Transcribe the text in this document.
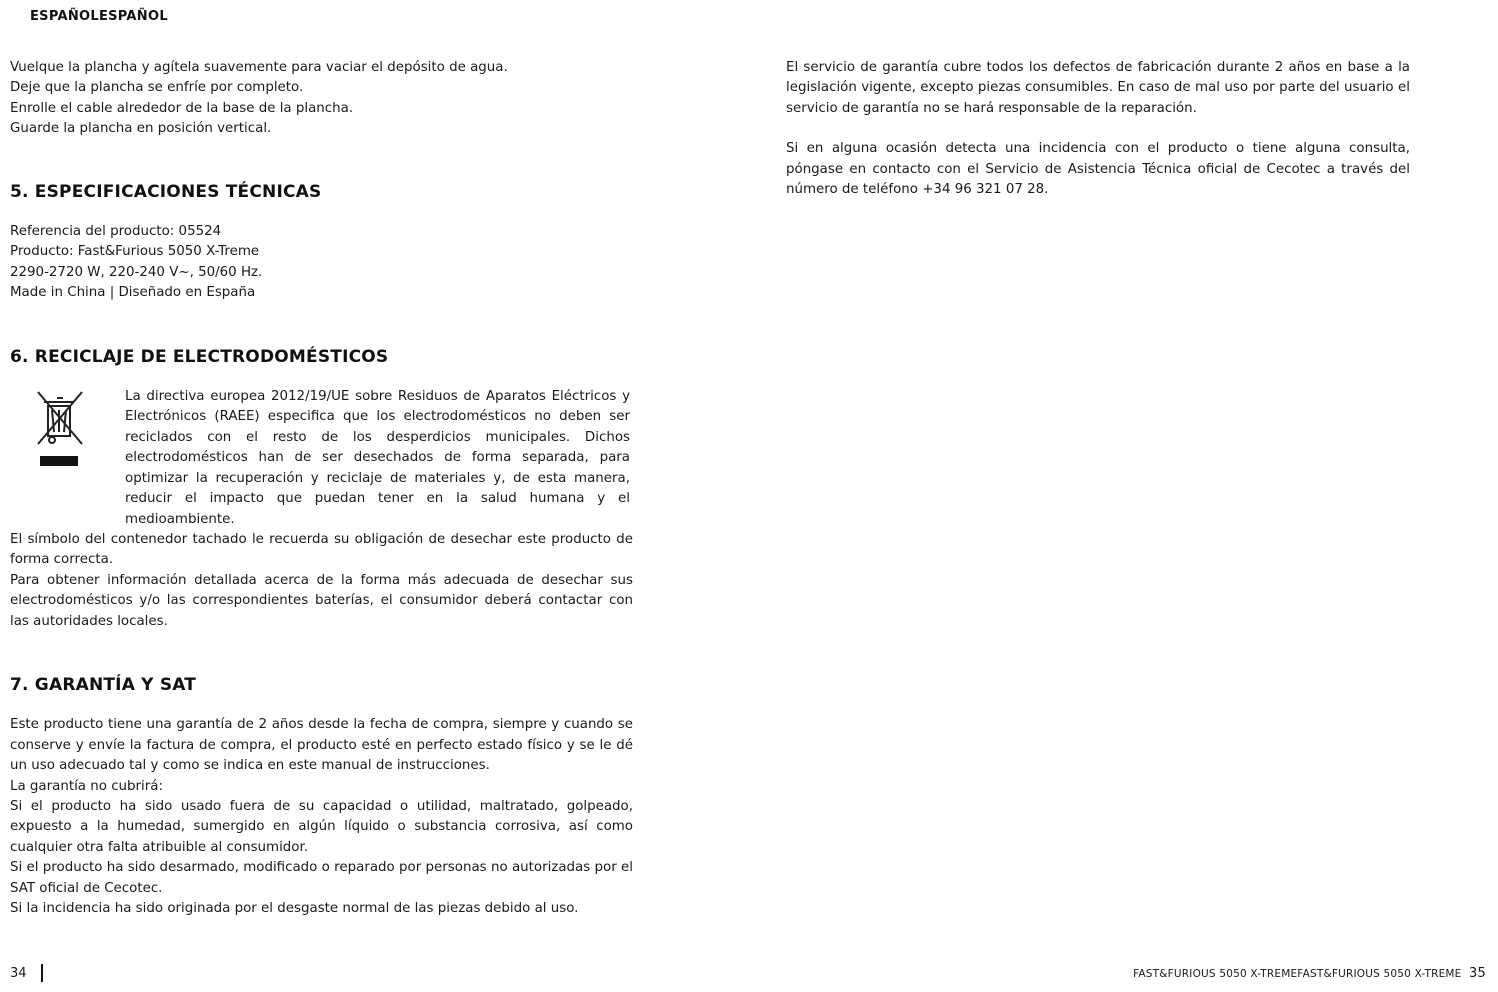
ESPAÑOLESPAÑOL

Vuelque la plancha y agítela suavemente para vaciar el depósito de agua.

Deje que la plancha se enfríe por completo.

Enrolle el cable alrededor de la base de la plancha.

Guarde la plancha en posición vertical.

5. ESPECIFICACIONES TÉCNICAS

Referencia del producto: 05524

Producto: Fast&Furious 5050 X-Treme

2290-2720 W, 220-240 V~, 50/60 Hz.

Made in China | Diseñado en España

6. RECICLAJE DE ELECTRODOMÉSTICOS

La directiva europea 2012/19/UE sobre Residuos de Aparatos Eléctricos y Electrónicos (RAEE) especifica que los electrodomésticos no deben ser reciclados con el resto de los desperdicios municipales. Dichos electrodomésticos han de ser desechados de forma separada, para optimizar la recuperación y reciclaje de materiales y, de esta manera, reducir el impacto que puedan tener en la salud humana y el medioambiente.

El símbolo del contenedor tachado le recuerda su obligación de desechar este producto de forma correcta.

Para obtener información detallada acerca de la forma más adecuada de desechar sus electrodomésticos y/o las correspondientes baterías, el consumidor deberá contactar con las autoridades locales.

7. GARANTÍA Y SAT

Este producto tiene una garantía de 2 años desde la fecha de compra, siempre y cuando se conserve y envíe la factura de compra, el producto esté en perfecto estado físico y se le dé un uso adecuado tal y como se indica en este manual de instrucciones.

La garantía no cubrirá:

Si el producto ha sido usado fuera de su capacidad o utilidad, maltratado, golpeado, expuesto a la humedad, sumergido en algún líquido o substancia corrosiva, así como cualquier otra falta atribuible al consumidor.

Si el producto ha sido desarmado, modificado o reparado por personas no autorizadas por el SAT oficial de Cecotec.

Si la incidencia ha sido originada por el desgaste normal de las piezas debido al uso.

El servicio de garantía cubre todos los defectos de fabricación durante 2 años en base a la legislación vigente, excepto piezas consumibles. En caso de mal uso por parte del usuario el servicio de garantía no se hará responsable de la reparación.

Si en alguna ocasión detecta una incidencia con el producto o tiene alguna consulta, póngase en contacto con el Servicio de Asistencia Técnica oficial de Cecotec a través del número de teléfono +34 96 321 07 28.

34	FAST&FURIOUS 5050 X-TREMEFAST&FURIOUS 5050 X-TREME 35
